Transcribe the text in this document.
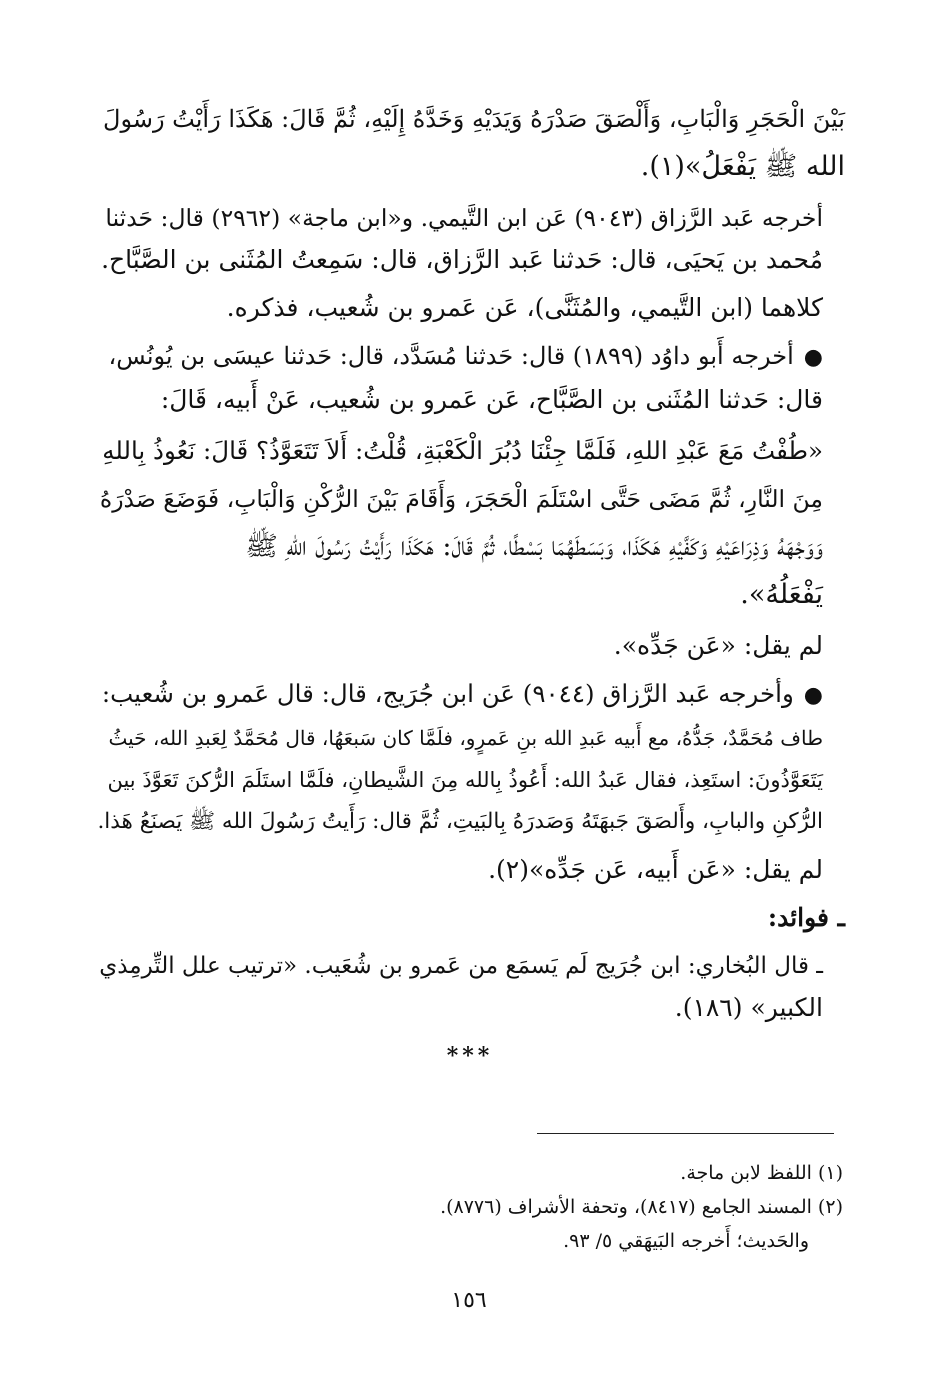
بَيْنَ الْحَجَرِ وَالْبَابِ، وَأَلْصَقَ صَدْرَهُ وَيَدَيْهِ وَخَدَّهُ إِلَيْهِ، ثُمَّ قَالَ: هَكَذَا رَأَيْتُ رَسُولَ
الله ﷺ يَفْعَلُ»(١).
أخرجه عَبد الرَّزاق (٩٠٤٣) عَن ابن التَّيمي. و«ابن ماجة» (٢٩٦٢) قال: حَدثنا
مُحمد بن يَحيَى، قال: حَدثنا عَبد الرَّزاق، قال: سَمِعتُ المُثَنى بن الصَّبَّاح.
كلاهما (ابن التَّيمي، والمُثَنَّى)، عَن عَمرو بن شُعيب، فذكره.
●أخرجه أَبو داوُد (١٨٩٩) قال: حَدثنا مُسَدَّد، قال: حَدثنا عيسَى بن يُونُس،
قال: حَدثنا المُثَنى بن الصَّبَّاح، عَن عَمرو بن شُعيب، عَنْ أَبيه، قَالَ:
«طُفْتُ مَعَ عَبْدِ اللهِ، فَلَمَّا جِئْنَا دُبُرَ الْكَعْبَةِ، قُلْتُ: أَلاَ تَتَعَوَّذُ؟ قَالَ: نَعُوذُ بِاللهِ
مِنَ النَّارِ، ثُمَّ مَضَى حَتَّى اسْتَلَمَ الْحَجَرَ، وَأَقَامَ بَيْنَ الرُّكْنِ وَالْبَابِ، فَوَضَعَ صَدْرَهُ
وَوَجْهَهُ وَذِرَاعَيْهِ وَكَفَّيْهِ هَكَذَا، وَبَسَطَهُمَا بَسْطًا، ثُمَّ قَالَ: هَكَذَا رَأَيْتُ رَسُولَ اللهِ ﷺ
يَفْعَلُهُ».
لم يقل: «عَن جَدِّه».
●وأخرجه عَبد الرَّزاق (٩٠٤٤) عَن ابن جُرَيج، قال: قال عَمرو بن شُعيب:
طاف مُحَمَّدٌ، جَدُّهُ، مع أَبيه عَبدِ الله بنِ عَمرٍو، فلَمَّا كان سَبعَهُا، قال مُحَمَّدٌ لِعَبدِ الله، حَيثُ
يَتَعَوَّذُونَ: استَعِذ، فقال عَبدُ الله: أَعُوذُ بِالله مِنَ الشَّيطانِ، فلَمَّا استَلَمَ الرُّكنَ تَعَوَّذَ بين
الرُّكنِ والبابِ، وأَلصَقَ جَبهَتَهُ وَصَدرَهُ بِالبَيتِ، ثُمَّ قال: رَأَيتُ رَسُولَ الله ﷺ يَصنَعُ هَذا.
لم يقل: «عَن أَبيه، عَن جَدِّه»(٢).
ـ فوائد:
ـ قال البُخاري: ابن جُرَيج لَم يَسمَع من عَمرو بن شُعَيب. «ترتيب علل التِّرمِذي
الكبير» (١٨٦).
***
(١) اللفظ لابن ماجة.
(٢) المسند الجامع (٨٤١٧)، وتحفة الأشراف (٨٧٧٦).
والحَديث؛ أَخرجه البَيهَقي ٥/ ٩٣.
١٥٦
